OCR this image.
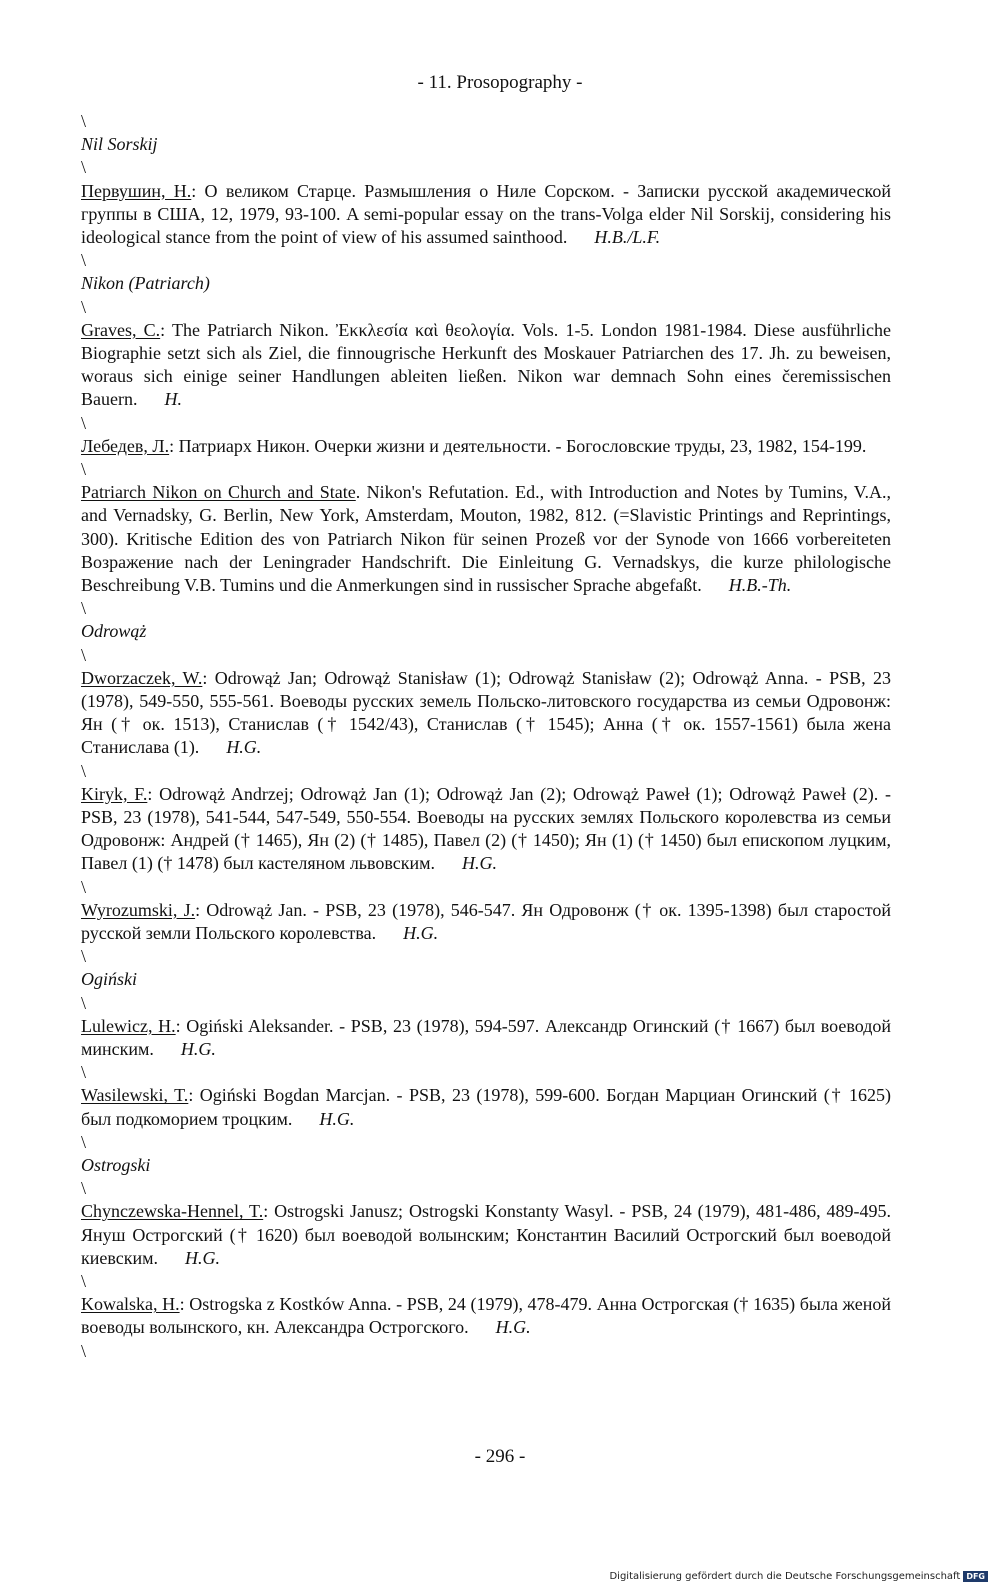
- 11. Prosopography -
\
Nil Sorskij
\

Первушин, Н.: О великом Старце. Размышления о Ниле Сорском. - Записки русской академической группы в США, 12, 1979, 93-100. A semi-popular essay on the trans-Volga elder Nil Sorskij, considering his ideological stance from the point of view of his assumed sainthood. H.B./L.F.

\
Nikon (Patriarch)
\

Graves, C.: The Patriarch Nikon. Ἐκκλεσία καὶ θεολογία. Vols. 1-5. London 1981-1984. Diese ausführliche Biographie setzt sich als Ziel, die finnougrische Herkunft des Moskauer Patriarchen des 17. Jh. zu beweisen, woraus sich einige seiner Handlungen ableiten ließen. Nikon war demnach Sohn eines čeremissischen Bauern. H.

\

Лебедев, Л.: Патриарх Никон. Очерки жизни и деятельности. - Богословские труды, 23, 1982, 154-199.

\

Patriarch Nikon on Church and State. Nikon's Refutation. Ed., with Introduction and Notes by Tumins, V.A., and Vernadsky, G. Berlin, New York, Amsterdam, Mouton, 1982, 812. (=Slavistic Printings and Reprintings, 300). Kritische Edition des von Patriarch Nikon für seinen Prozeß vor der Synode von 1666 vorbereiteten Возражение nach der Leningrader Handschrift. Die Einleitung G. Vernadskys, die kurze philologische Beschreibung V.B. Tumins und die Anmerkungen sind in russischer Sprache abgefaßt. H.B.-Th.

\
Odrowąż
\

Dworzaczek, W.: Odrowąż Jan; Odrowąż Stanisław (1); Odrowąż Stanisław (2); Odrowąż Anna. - PSB, 23 (1978), 549-550, 555-561. Воеводы русских земель Польско-литовского государства из семьи Одровонж: Ян († ок. 1513), Станислав († 1542/43), Станислав († 1545); Анна († ок. 1557-1561) была жена Станислава (1). H.G.

\

Kiryk, F.: Odrowąż Andrzej; Odrowąż Jan (1); Odrowąż Jan (2); Odrowąż Paweł (1); Odrowąż Paweł (2). - PSB, 23 (1978), 541-544, 547-549, 550-554. Воеводы на русских землях Польского королевства из семьи Одровонж: Андрей († 1465), Ян (2) († 1485), Павел (2) († 1450); Ян (1) († 1450) был епископом луцким, Павел (1) († 1478) был кастеляном львовским. H.G.

\

Wyrozumski, J.: Odrowąż Jan. - PSB, 23 (1978), 546-547. Ян Одровонж († ок. 1395-1398) был старостой русской земли Польского королевства. H.G.

\
Ogiński
\

Lulewicz, H.: Ogiński Aleksander. - PSB, 23 (1978), 594-597. Александр Огинский († 1667) был воеводой минским. H.G.

\

Wasilewski, T.: Ogiński Bogdan Marcjan. - PSB, 23 (1978), 599-600. Богдан Марциан Огинский († 1625) был подкоморием троцким. H.G.

\
Ostrogski
\

Chynczewska-Hennel, T.: Ostrogski Janusz; Ostrogski Konstanty Wasyl. - PSB, 24 (1979), 481-486, 489-495. Януш Острогский († 1620) был воеводой волынским; Константин Василий Острогский был воеводой киевским. H.G.

\

Kowalska, H.: Ostrogska z Kostków Anna. - PSB, 24 (1979), 478-479. Анна Острогская († 1635) была женой воеводы волынского, кн. Александра Острогского. H.G.

\
- 296 -
Digitalisierung gefördert durch die Deutsche Forschungsgemeinschaft DFG
